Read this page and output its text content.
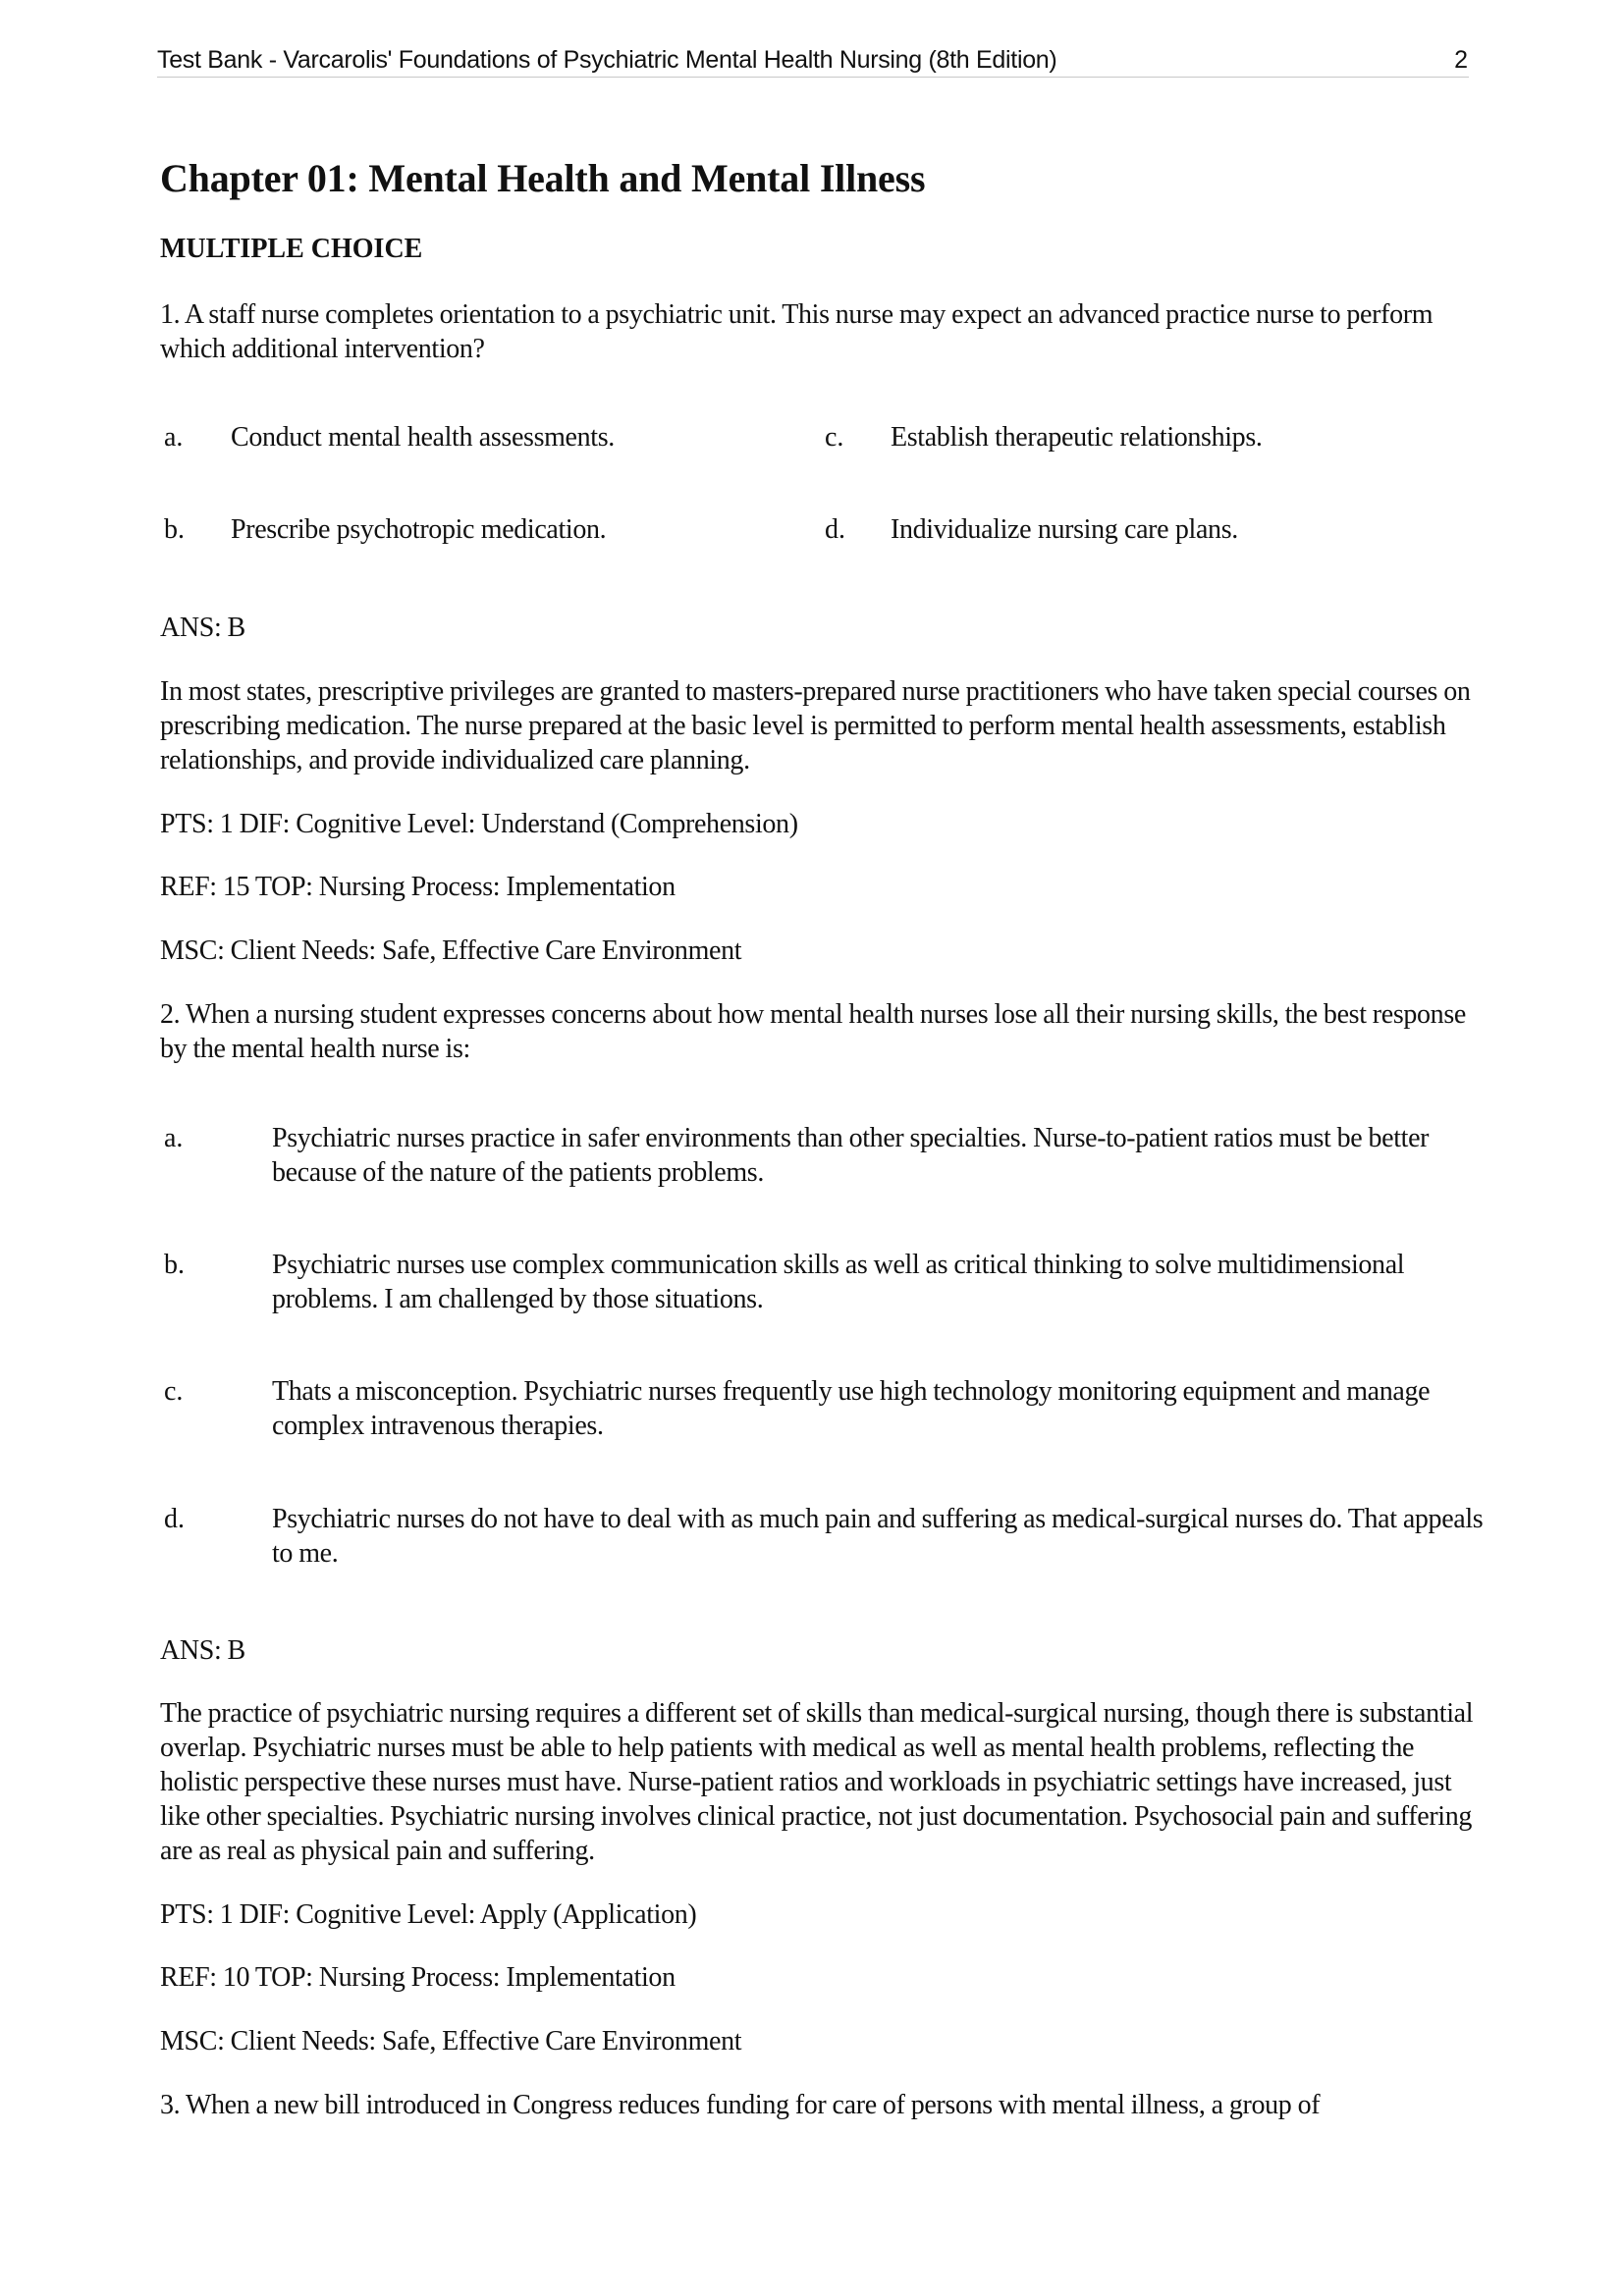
Test Bank - Varcarolis' Foundations of Psychiatric Mental Health Nursing (8th Edition)	2
Chapter 01: Mental Health and Mental Illness
MULTIPLE CHOICE
1. A staff nurse completes orientation to a psychiatric unit. This nurse may expect an advanced practice nurse to perform which additional intervention?
a. Conduct mental health assessments.	c. Establish therapeutic relationships.
b. Prescribe psychotropic medication.	d. Individualize nursing care plans.
ANS: B
In most states, prescriptive privileges are granted to masters-prepared nurse practitioners who have taken special courses on prescribing medication. The nurse prepared at the basic level is permitted to perform mental health assessments, establish relationships, and provide individualized care planning.
PTS: 1 DIF: Cognitive Level: Understand (Comprehension)
REF: 15 TOP: Nursing Process: Implementation
MSC: Client Needs: Safe, Effective Care Environment
2. When a nursing student expresses concerns about how mental health nurses lose all their nursing skills, the best response by the mental health nurse is:
a.	Psychiatric nurses practice in safer environments than other specialties. Nurse-to-patient ratios must be better because of the nature of the patients problems.
b.	Psychiatric nurses use complex communication skills as well as critical thinking to solve multidimensional problems. I am challenged by those situations.
c.	Thats a misconception. Psychiatric nurses frequently use high technology monitoring equipment and manage complex intravenous therapies.
d.	Psychiatric nurses do not have to deal with as much pain and suffering as medical-surgical nurses do. That appeals to me.
ANS: B
The practice of psychiatric nursing requires a different set of skills than medical-surgical nursing, though there is substantial overlap. Psychiatric nurses must be able to help patients with medical as well as mental health problems, reflecting the holistic perspective these nurses must have. Nurse-patient ratios and workloads in psychiatric settings have increased, just like other specialties. Psychiatric nursing involves clinical practice, not just documentation. Psychosocial pain and suffering are as real as physical pain and suffering.
PTS: 1 DIF: Cognitive Level: Apply (Application)
REF: 10 TOP: Nursing Process: Implementation
MSC: Client Needs: Safe, Effective Care Environment
3. When a new bill introduced in Congress reduces funding for care of persons with mental illness, a group of
